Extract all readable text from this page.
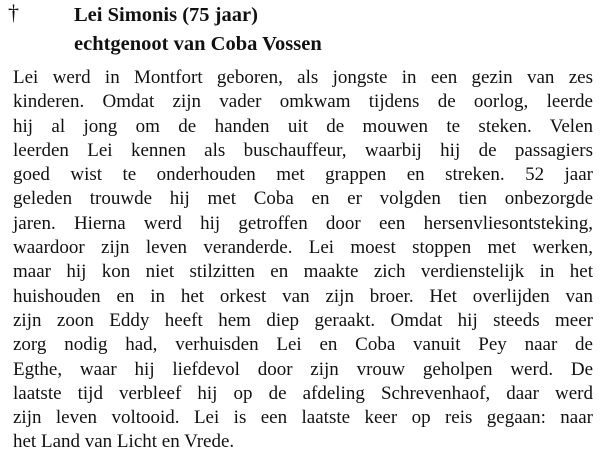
†	Lei Simonis (75 jaar)
echtgenoot van Coba Vossen
Lei werd in Montfort geboren, als jongste in een gezin van zes
kinderen. Omdat zijn vader omkwam tijdens de oorlog, leerde
hij al jong om de handen uit de mouwen te steken. Velen
leerden Lei kennen als buschauffeur, waarbij hij de passagiers
goed wist te onderhouden met grappen en streken. 52 jaar
geleden trouwde hij met Coba en er volgden tien onbezorgde
jaren. Hierna werd hij getroffen door een hersenvliesontsteking,
waardoor zijn leven veranderde. Lei moest stoppen met werken,
maar hij kon niet stilzitten en maakte zich verdienstelijk in het
huishouden en in het orkest van zijn broer. Het overlijden van
zijn zoon Eddy heeft hem diep geraakt. Omdat hij steeds meer
zorg nodig had, verhuisden Lei en Coba vanuit Pey naar de
Egthe, waar hij liefdevol door zijn vrouw geholpen werd. De
laatste tijd verbleef hij op de afdeling Schrevenhaof, daar werd
zijn leven voltooid. Lei is een laatste keer op reis gegaan: naar
het Land van Licht en Vrede.
